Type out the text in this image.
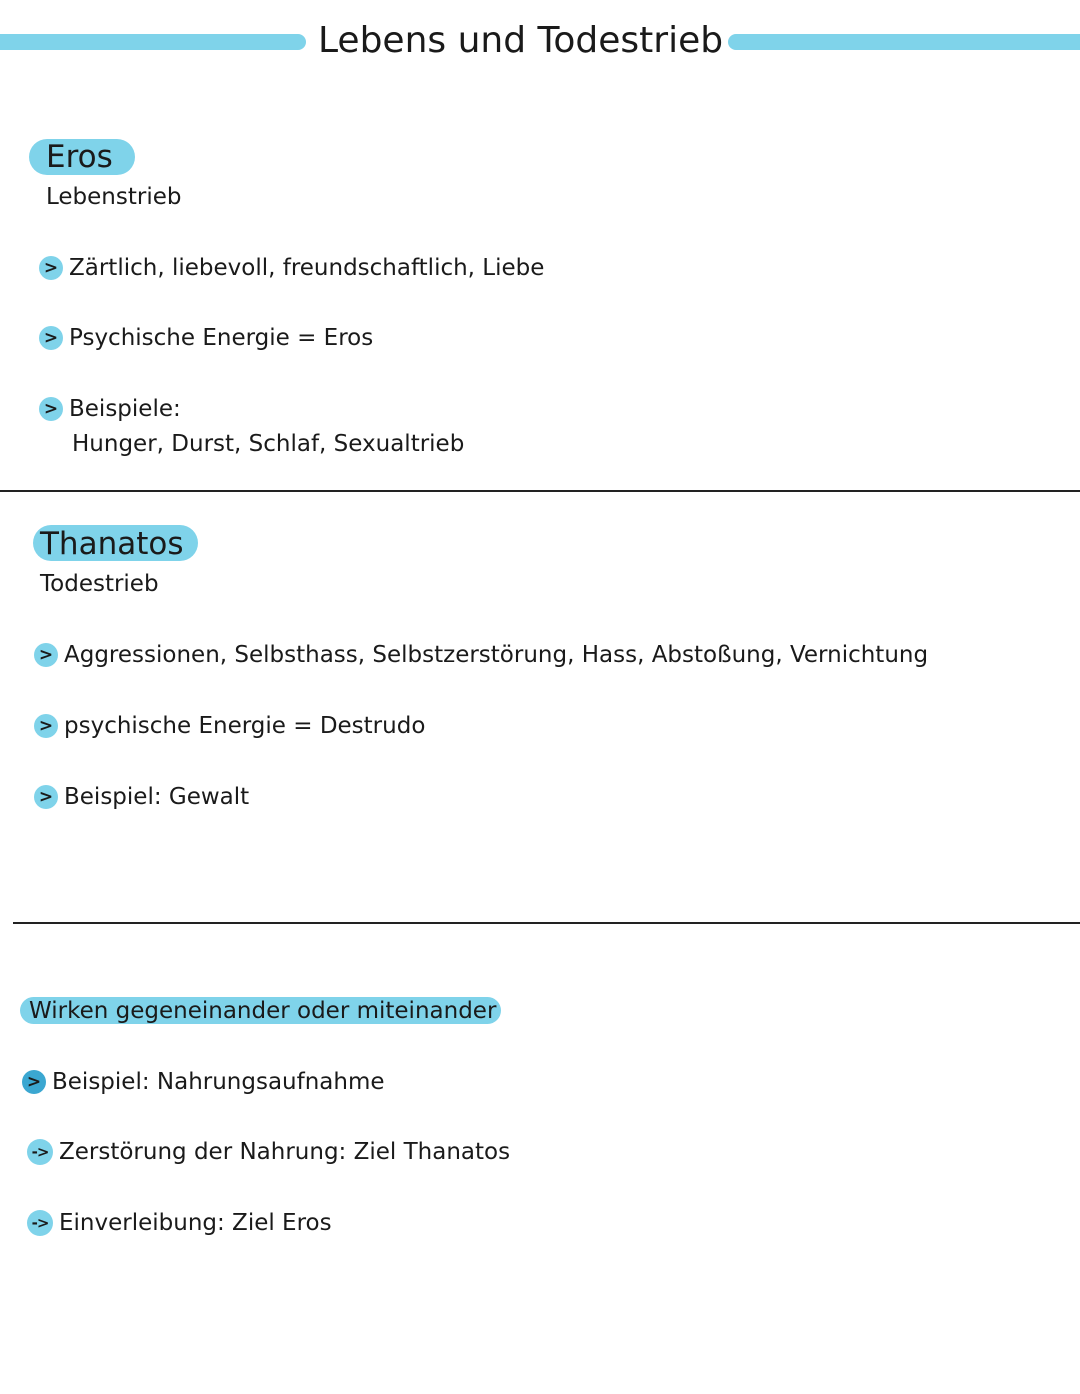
Lebens und Todestrieb
Eros
Lebenstrieb
> Zärtlich, liebevoll, freundschaftlich, Liebe
> Psychische Energie = Eros
> Beispiele:
Hunger, Durst, Schlaf, Sexualtrieb
Thanatos
Todestrieb
> Aggressionen, Selbsthass, Selbstzerstörung, Hass, Abstoßung, Vernichtung
> psychische Energie = Destrudo
> Beispiel: Gewalt
Wirken gegeneinander oder miteinander
> Beispiel: Nahrungsaufnahme
-> Zerstörung der Nahrung: Ziel Thanatos
-> Einverleibung: Ziel Eros
